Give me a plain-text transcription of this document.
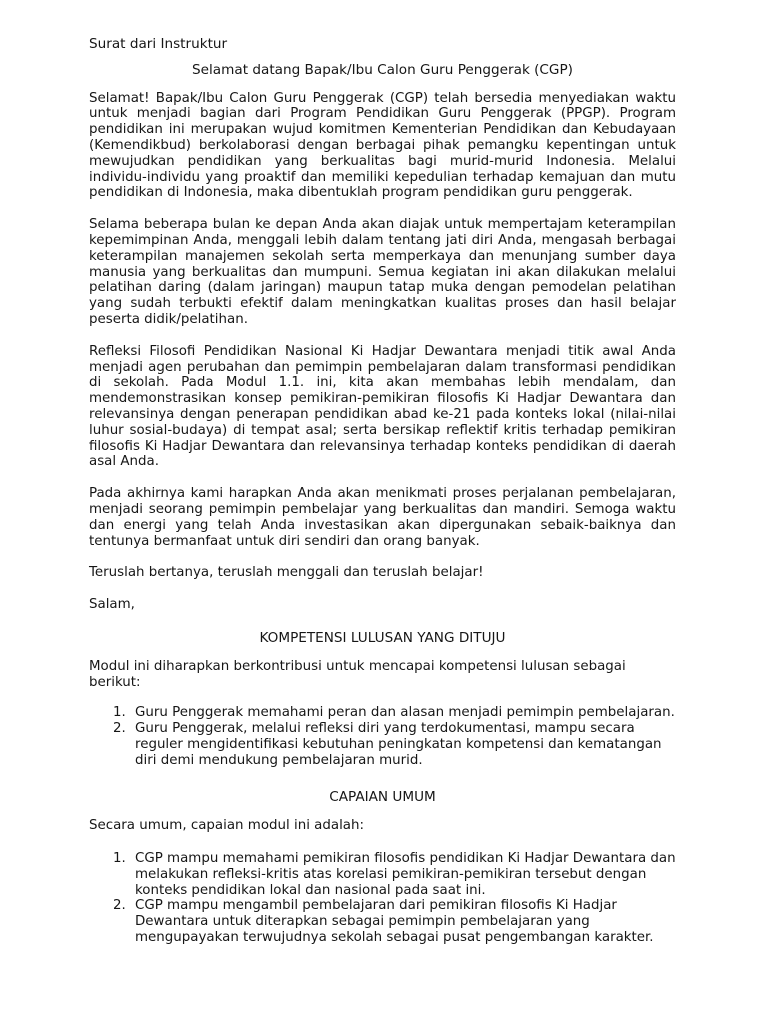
Surat dari Instruktur

Selamat datang Bapak/Ibu Calon Guru Penggerak (CGP)

Selamat! Bapak/Ibu Calon Guru Penggerak (CGP) telah bersedia menyediakan waktu untuk menjadi bagian dari Program Pendidikan Guru Penggerak (PPGP). Program pendidikan ini merupakan wujud komitmen Kementerian Pendidikan dan Kebudayaan (Kemendikbud) berkolaborasi dengan berbagai pihak pemangku kepentingan untuk mewujudkan pendidikan yang berkualitas bagi murid-murid Indonesia. Melalui individu-individu yang proaktif dan memiliki kepedulian terhadap kemajuan dan mutu pendidikan di Indonesia, maka dibentuklah program pendidikan guru penggerak.

Selama beberapa bulan ke depan Anda akan diajak untuk mempertajam keterampilan kepemimpinan Anda, menggali lebih dalam tentang jati diri Anda, mengasah berbagai keterampilan manajemen sekolah serta memperkaya dan menunjang sumber daya manusia yang berkualitas dan mumpuni. Semua kegiatan ini akan dilakukan melalui pelatihan daring (dalam jaringan) maupun tatap muka dengan pemodelan pelatihan yang sudah terbukti efektif dalam meningkatkan kualitas proses dan hasil belajar peserta didik/pelatihan.

Refleksi Filosofi Pendidikan Nasional Ki Hadjar Dewantara menjadi titik awal Anda menjadi agen perubahan dan pemimpin pembelajaran dalam transformasi pendidikan di sekolah. Pada Modul 1.1. ini, kita akan membahas lebih mendalam, dan mendemonstrasikan konsep pemikiran-pemikiran filosofis Ki Hadjar Dewantara dan relevansinya dengan penerapan pendidikan abad ke-21 pada konteks lokal (nilai-nilai luhur sosial-budaya) di tempat asal; serta bersikap reflektif kritis terhadap pemikiran filosofis Ki Hadjar Dewantara dan relevansinya terhadap konteks pendidikan di daerah asal Anda.

Pada akhirnya kami harapkan Anda akan menikmati proses perjalanan pembelajaran, menjadi seorang pemimpin pembelajar yang berkualitas dan mandiri. Semoga waktu dan energi yang telah Anda investasikan akan dipergunakan sebaik-baiknya dan tentunya bermanfaat untuk diri sendiri dan orang banyak.

Teruslah bertanya, teruslah menggali dan teruslah belajar!

Salam,

KOMPETENSI LULUSAN YANG DITUJU

Modul ini diharapkan berkontribusi untuk mencapai kompetensi lulusan sebagai berikut:

1. Guru Penggerak memahami peran dan alasan menjadi pemimpin pembelajaran.
2. Guru Penggerak, melalui refleksi diri yang terdokumentasi, mampu secara reguler mengidentifikasi kebutuhan peningkatan kompetensi dan kematangan diri demi mendukung pembelajaran murid.

CAPAIAN UMUM

Secara umum, capaian modul ini adalah:

1. CGP mampu memahami pemikiran filosofis pendidikan Ki Hadjar Dewantara dan melakukan refleksi-kritis atas korelasi pemikiran-pemikiran tersebut dengan konteks pendidikan lokal dan nasional pada saat ini.
2. CGP mampu mengambil pembelajaran dari pemikiran filosofis Ki Hadjar Dewantara untuk diterapkan sebagai pemimpin pembelajaran yang mengupayakan terwujudnya sekolah sebagai pusat pengembangan karakter.
